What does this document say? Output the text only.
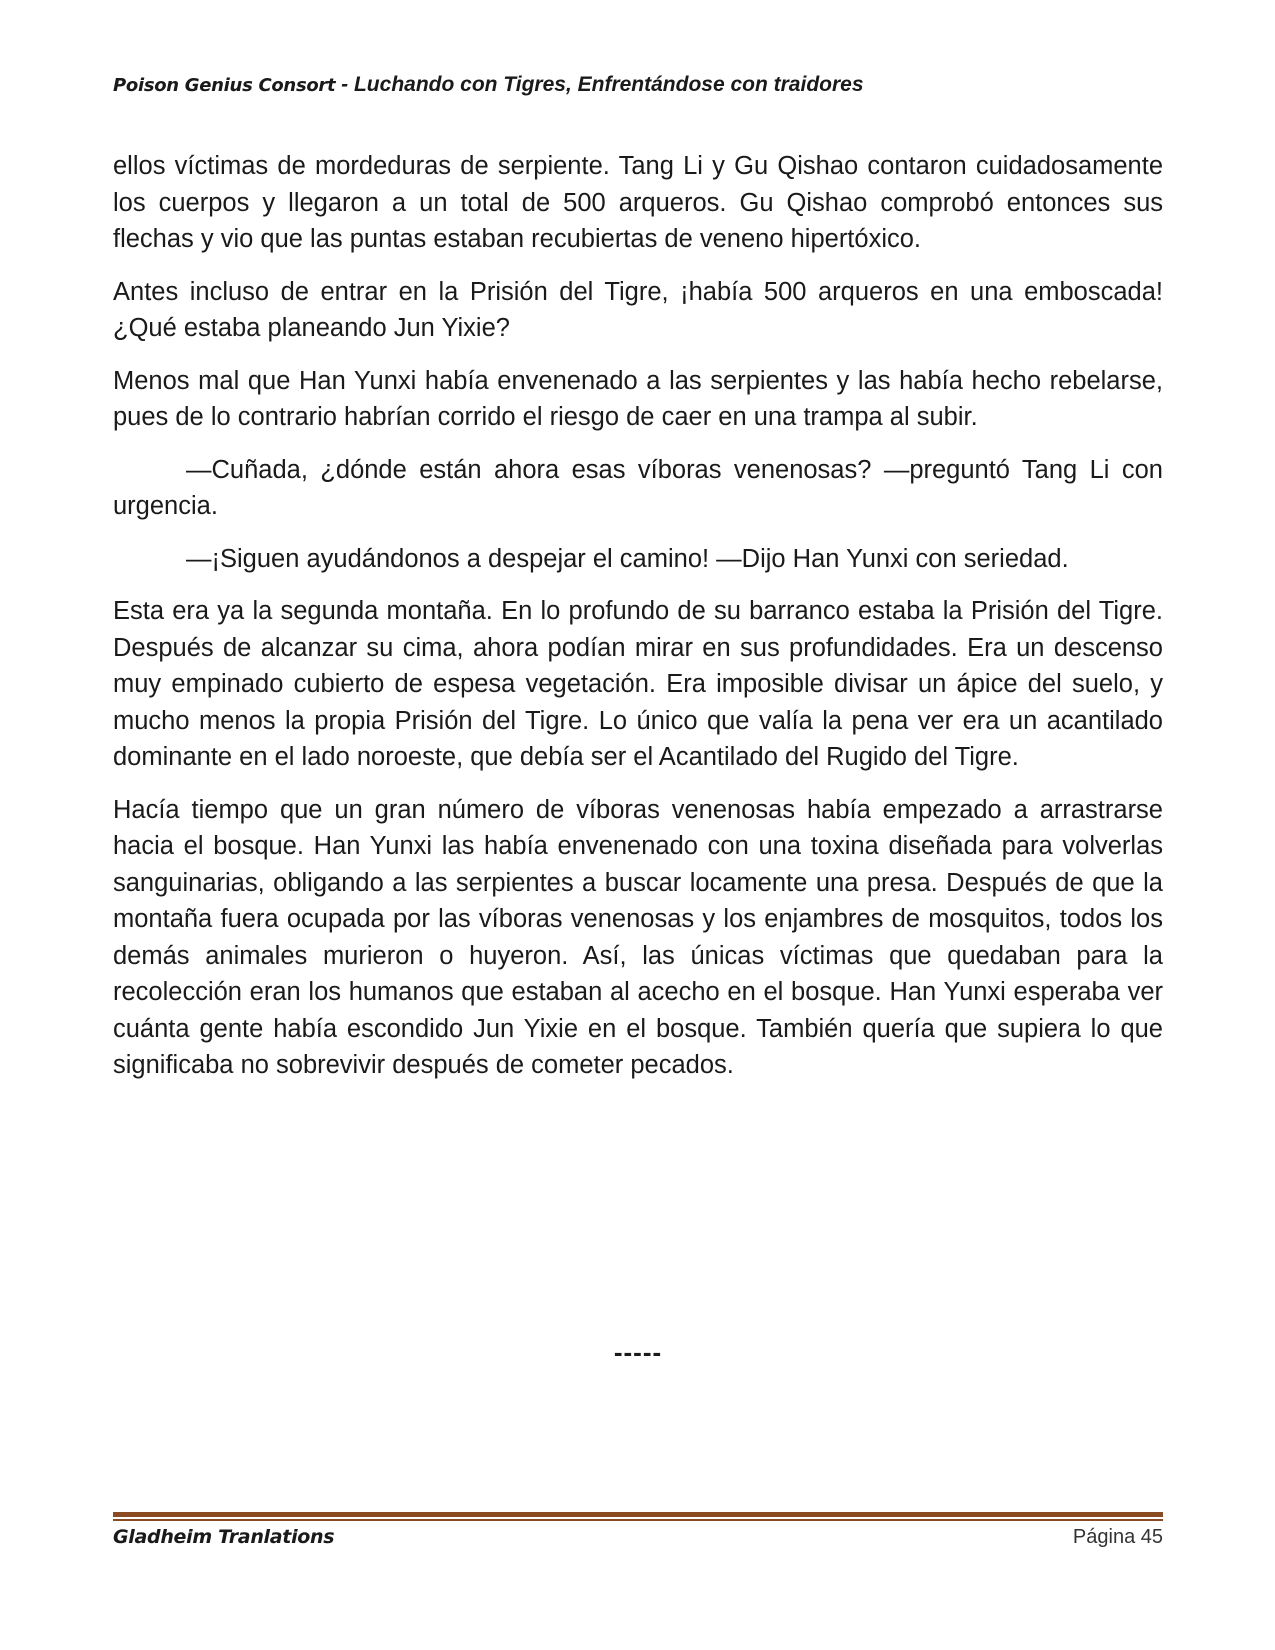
Poison Genius Consort - Luchando con Tigres, Enfrentándose con traidores

ellos víctimas de mordeduras de serpiente. Tang Li y Gu Qishao contaron cuidadosamente los cuerpos y llegaron a un total de 500 arqueros. Gu Qishao comprobó entonces sus flechas y vio que las puntas estaban recubiertas de veneno hipertóxico.

Antes incluso de entrar en la Prisión del Tigre, ¡había 500 arqueros en una emboscada! ¿Qué estaba planeando Jun Yixie?

Menos mal que Han Yunxi había envenenado a las serpientes y las había hecho rebelarse, pues de lo contrario habrían corrido el riesgo de caer en una trampa al subir.

—Cuñada, ¿dónde están ahora esas víboras venenosas? —preguntó Tang Li con urgencia.

—¡Siguen ayudándonos a despejar el camino! —Dijo Han Yunxi con seriedad.

Esta era ya la segunda montaña. En lo profundo de su barranco estaba la Prisión del Tigre. Después de alcanzar su cima, ahora podían mirar en sus profundidades. Era un descenso muy empinado cubierto de espesa vegetación. Era imposible divisar un ápice del suelo, y mucho menos la propia Prisión del Tigre. Lo único que valía la pena ver era un acantilado dominante en el lado noroeste, que debía ser el Acantilado del Rugido del Tigre.

Hacía tiempo que un gran número de víboras venenosas había empezado a arrastrarse hacia el bosque. Han Yunxi las había envenenado con una toxina diseñada para volverlas sanguinarias, obligando a las serpientes a buscar locamente una presa. Después de que la montaña fuera ocupada por las víboras venenosas y los enjambres de mosquitos, todos los demás animales murieron o huyeron. Así, las únicas víctimas que quedaban para la recolección eran los humanos que estaban al acecho en el bosque. Han Yunxi esperaba ver cuánta gente había escondido Jun Yixie en el bosque. También quería que supiera lo que significaba no sobrevivir después de cometer pecados.

-----
Gladheim Tranlations	Página 45
